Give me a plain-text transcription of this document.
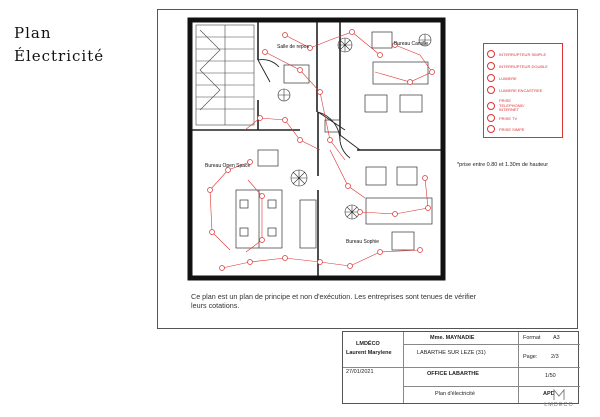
Plan
Électricité	Salle de repos	Bureau Camille
Bureau Open Space
Bureau Sophie
INTERRUPTEUR SIMPLE
INTERRUPTEUR DOUBLE
LUMIERE
LUMIERE ENCASTREE
PRISE TELEPHONE/ INTERNET
PRISE TV
PRISE SIMPE
*prise entre 0.80 et 1.30m de hauteur
Ce plan est un plan de principe et non d'exécution. Les entreprises sont tenues de vérifier leurs cotations.
LMDÉCO
Laurent Marylene
27/01/2021
Mme. MAYNADIE
LABARTHE SUR LEZE (31)
OFFICE LABARTHE
Plan d'électricité
Format A3
Page: 2/3
1/50
APD
LMDECO
